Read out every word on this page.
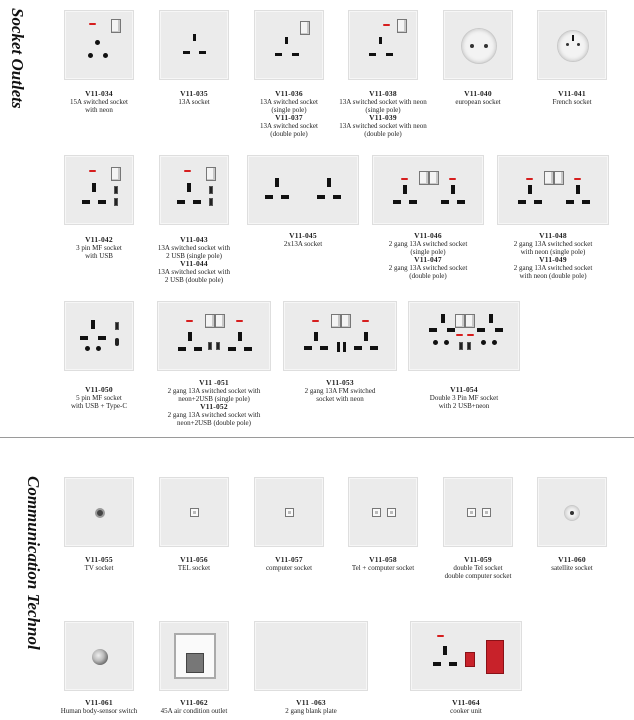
Socket Outlets
Communication Technol
V11-034
15A switched socket
with neon
V11-035
13A socket
V11-036
13A switched socket
(single pole)
V11-037
13A switched socket
(double pole)
V11-038
13A switched socket with neon
(single pole)
V11-039
13A switched socket with neon
(double pole)
V11-040
european socket
V11-041
French socket
V11-042
3 pin MF socket
with USB
V11-043
13A switched socket with
2 USB (single pole)
V11-044
13A switched socket with
2 USB (double pole)
V11-045
2x13A socket
V11-046
2 gang 13A switched socket
(single pole)
V11-047
2 gang 13A switched socket
(double pole)
V11-048
2 gang 13A switched socket
with neon (single pole)
V11-049
2 gang 13A switched socket
with neon (double pole)
V11-050
5 pin MF socket
with USB + Type-C
V11 -051
2 gang 13A switched socket with
neon+2USB (single pole)
V11-052
2 gang 13A switched socket with
neon+2USB (double pole)
V11-053
2 gang 13A FM switched
socket with neon
V11-054
Double 3 Pin MF socket
with 2 USB+neon
V11-055
TV socket
V11-056
TEL socket
V11-057
computer socket
V11-058
Tel + computer socket
V11-059
double Tel socket
double computer socket
V11-060
satellite socket
V11-061
Human body-sensor switch
V11-062
45A air condition outlet
V11 -063
2 gang blank plate
V11-064
cooker unit
